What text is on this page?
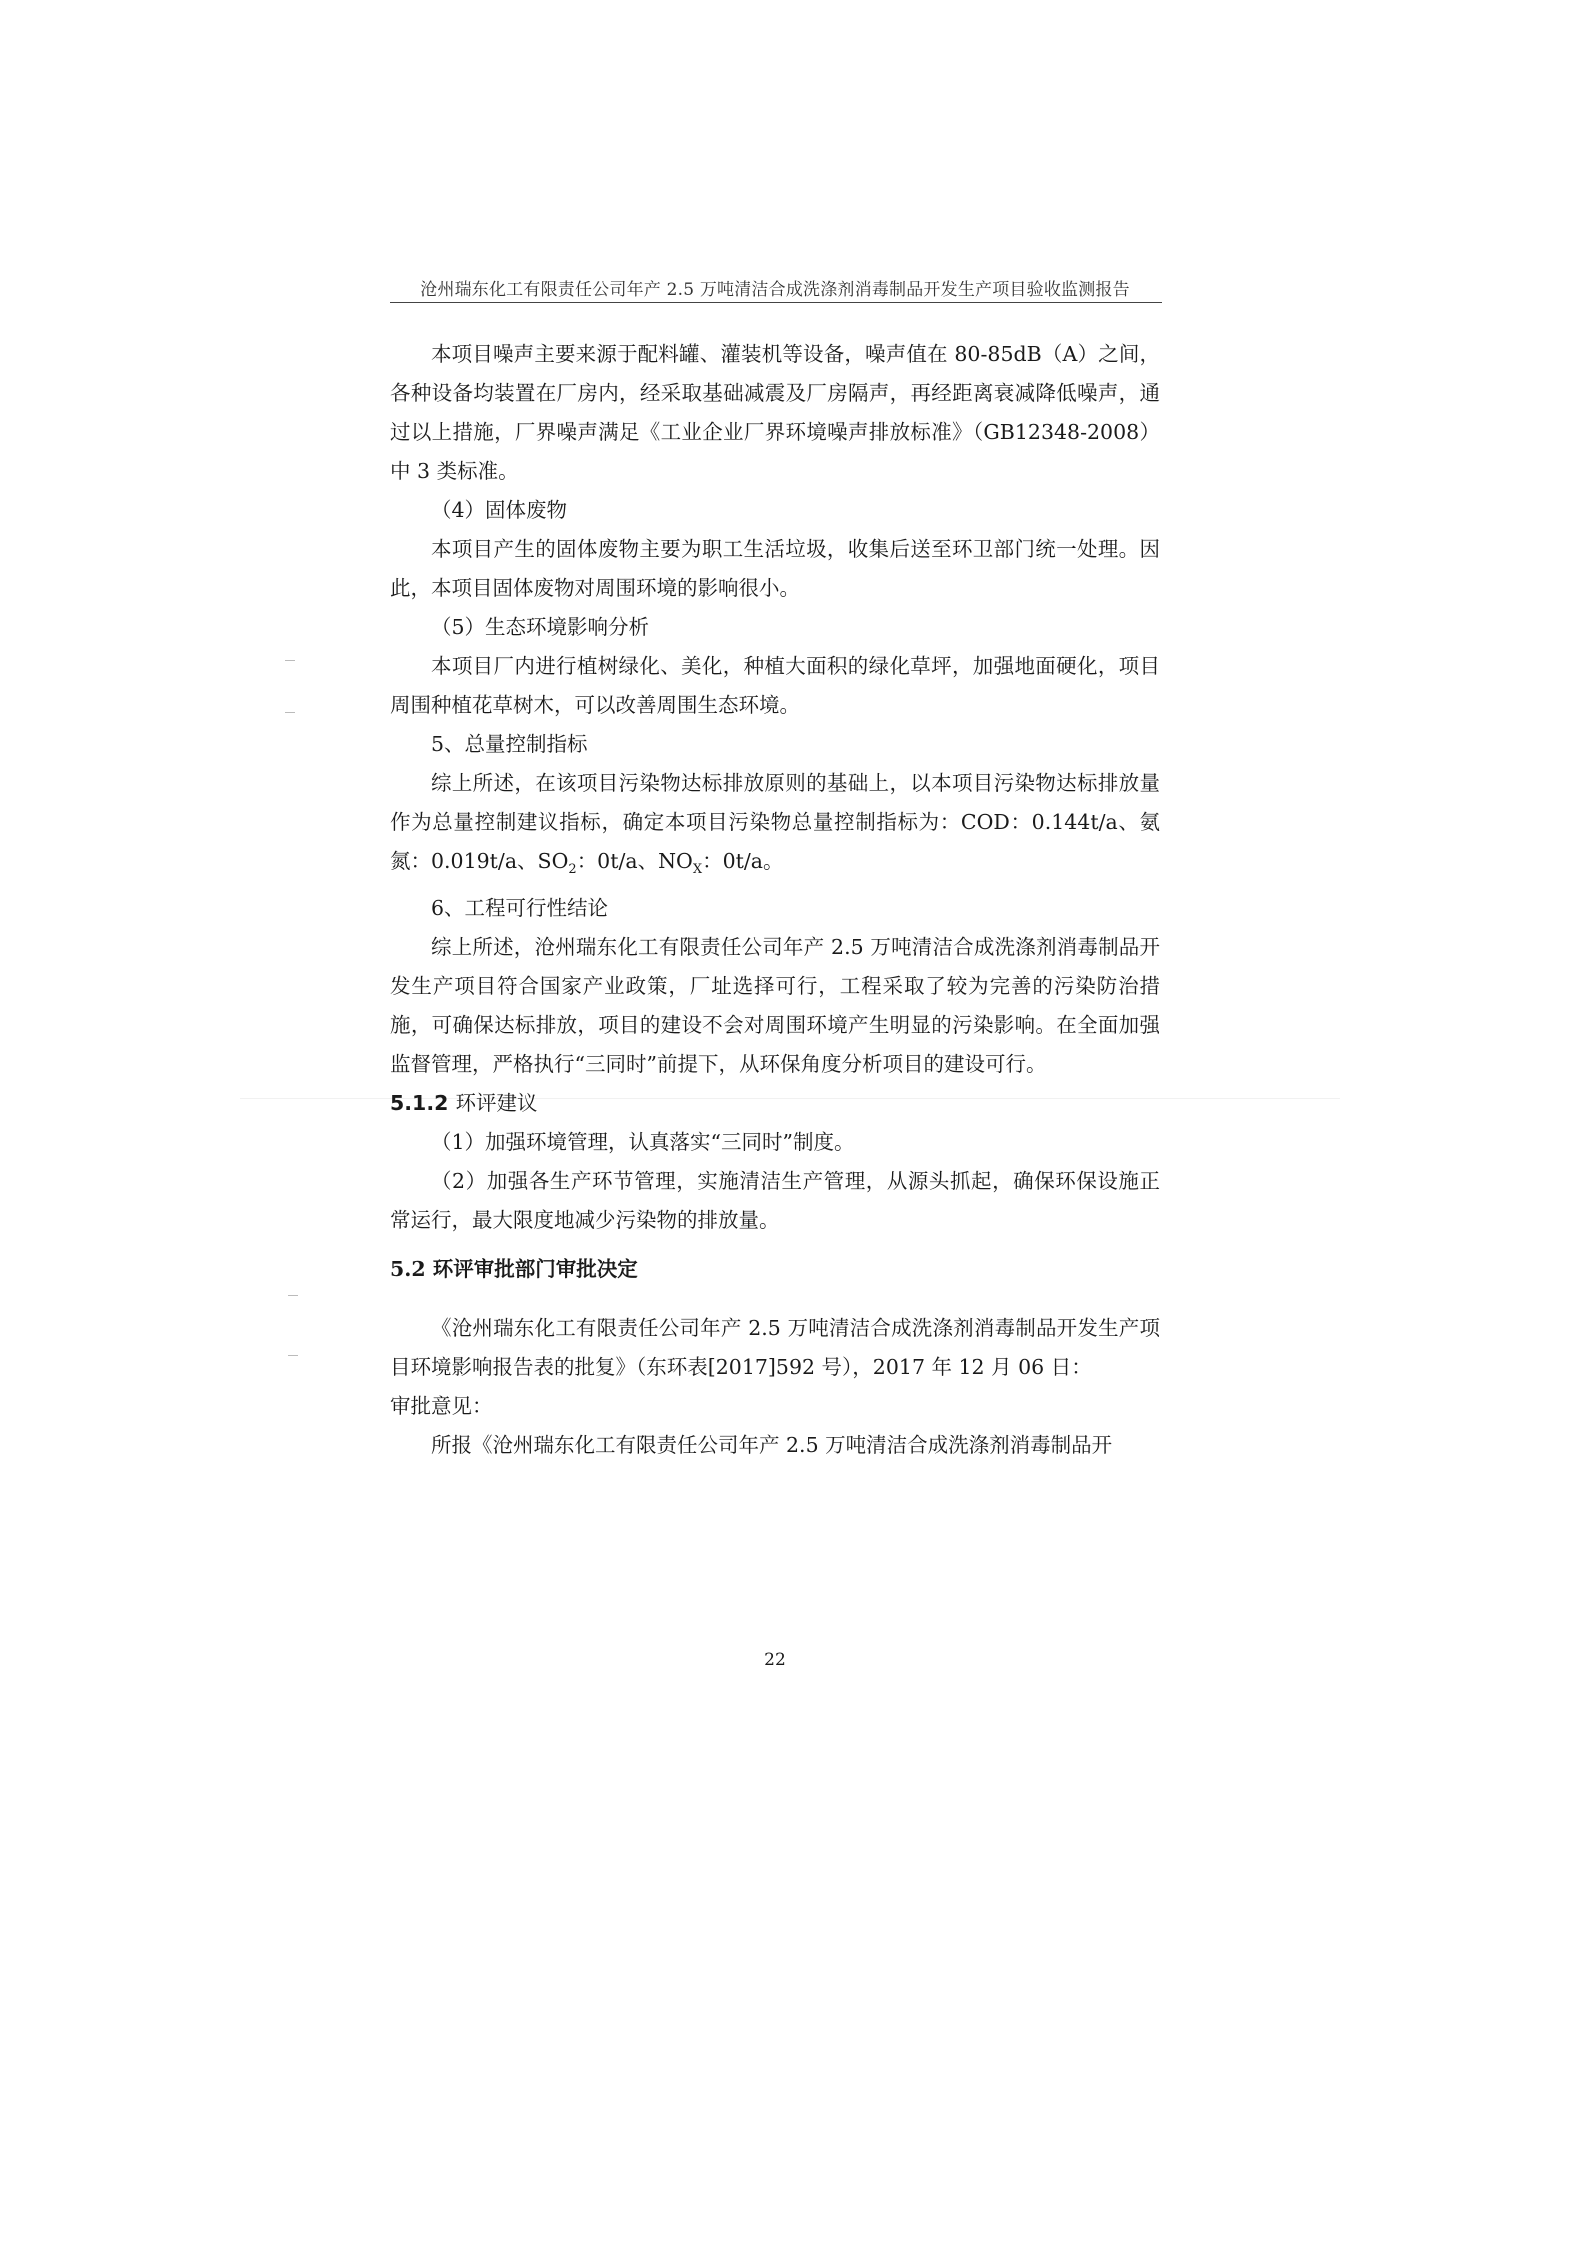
沧州瑞东化工有限责任公司年产 2.5 万吨清洁合成洗涤剂消毒制品开发生产项目验收监测报告

本项目噪声主要来源于配料罐、灌装机等设备，噪声值在 80-85dB（A）之间，各种设备均装置在厂房内，经采取基础减震及厂房隔声，再经距离衰减降低噪声，通过以上措施，厂界噪声满足《工业企业厂界环境噪声排放标准》（GB12348-2008）中 3 类标准。

（4）固体废物

本项目产生的固体废物主要为职工生活垃圾，收集后送至环卫部门统一处理。因此，本项目固体废物对周围环境的影响很小。

（5）生态环境影响分析

本项目厂内进行植树绿化、美化，种植大面积的绿化草坪，加强地面硬化，项目周围种植花草树木，可以改善周围生态环境。

5、总量控制指标

综上所述，在该项目污染物达标排放原则的基础上，以本项目污染物达标排放量作为总量控制建议指标，确定本项目污染物总量控制指标为：COD：0.144t/a、氨氮：0.019t/a、$SO_2$：0t/a、$NO_X$：0t/a。

6、工程可行性结论

综上所述，沧州瑞东化工有限责任公司年产 2.5 万吨清洁合成洗涤剂消毒制品开发生产项目符合国家产业政策，厂址选择可行，工程采取了较为完善的污染防治措施，可确保达标排放，项目的建设不会对周围环境产生明显的污染影响。在全面加强监督管理，严格执行“三同时”前提下，从环保角度分析项目的建设可行。

5.1.2 环评建议

（1）加强环境管理，认真落实“三同时”制度。

（2）加强各生产环节管理，实施清洁生产管理，从源头抓起，确保环保设施正常运行，最大限度地减少污染物的排放量。

5.2 环评审批部门审批决定

《沧州瑞东化工有限责任公司年产 2.5 万吨清洁合成洗涤剂消毒制品开发生产项目环境影响报告表的批复》（东环表[2017]592 号），2017 年 12 月 06 日：

审批意见：

所报《沧州瑞东化工有限责任公司年产 2.5 万吨清洁合成洗涤剂消毒制品开

22
